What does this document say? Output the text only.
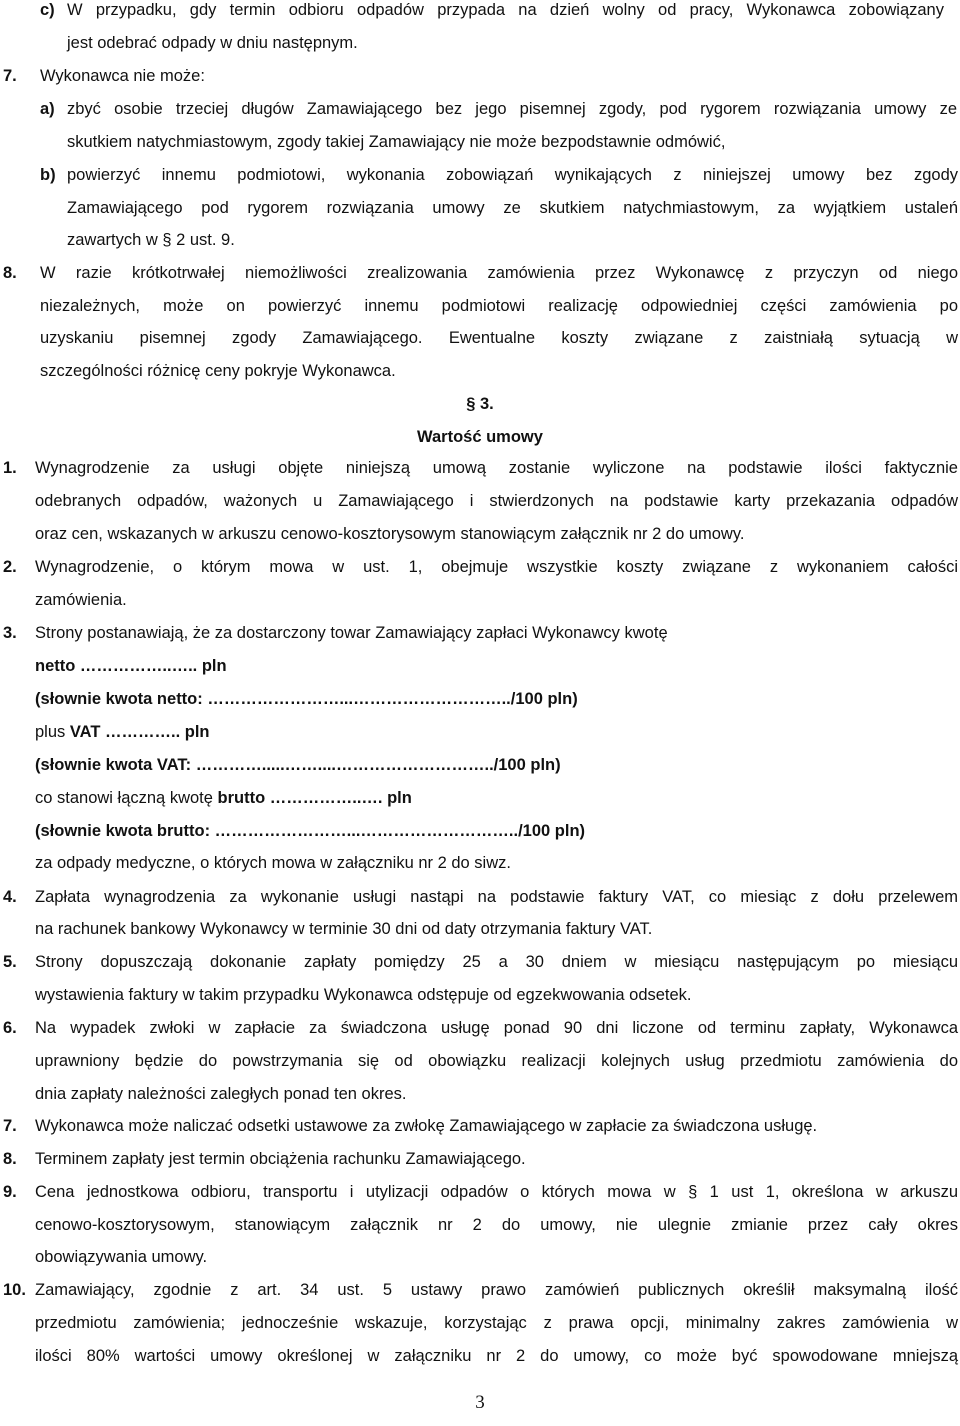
c) W przypadku, gdy termin odbioru odpadów przypada na dzień wolny od pracy, Wykonawca zobowiązany
jest odebrać odpady w dniu następnym.
7. Wykonawca nie może:
a) zbyć osobie trzeciej długów Zamawiającego bez jego pisemnej zgody, pod rygorem rozwiązania umowy ze
skutkiem natychmiastowym, zgody takiej Zamawiający nie może bezpodstawnie odmówić,
b) powierzyć innemu podmiotowi, wykonania zobowiązań wynikających z niniejszej umowy bez zgody
Zamawiającego pod rygorem rozwiązania umowy ze skutkiem natychmiastowym, za wyjątkiem ustaleń
zawartych w § 2 ust. 9.
8. W razie krótkotrwałej niemożliwości zrealizowania zamówienia przez Wykonawcę z przyczyn od niego
niezależnych, może on powierzyć innemu podmiotowi realizację odpowiedniej części zamówienia po
uzyskaniu pisemnej zgody Zamawiającego. Ewentualne koszty związane z zaistniałą sytuacją w
szczególności różnicę ceny pokryje Wykonawca.
§ 3.
Wartość umowy
1. Wynagrodzenie za usługi objęte niniejszą umową zostanie wyliczone na podstawie ilości faktycznie
odebranych odpadów, ważonych u Zamawiającego i stwierdzonych na podstawie karty przekazania odpadów
oraz cen, wskazanych w arkuszu cenowo-kosztorysowym stanowiącym załącznik nr 2 do umowy.
2. Wynagrodzenie, o którym mowa w ust. 1, obejmuje wszystkie koszty związane z wykonaniem całości
zamówienia.
3. Strony postanawiają, że za dostarczony towar Zamawiający zapłaci Wykonawcy kwotę
netto ……………..….. pln
(słownie kwota netto: ……………………...………………………../100 pln)
plus VAT ………….. pln
(słownie kwota VAT: ………….....……....………………………../100 pln)
co stanowi łączną kwotę brutto ……………..…. pln
(słownie kwota brutto: ……………………...………………………../100 pln)
za odpady medyczne, o których mowa w załączniku nr 2 do siwz.
4. Zapłata wynagrodzenia za wykonanie usługi nastąpi na podstawie faktury VAT, co miesiąc z dołu przelewem
na rachunek bankowy Wykonawcy w terminie 30 dni od daty otrzymania faktury VAT.
5. Strony dopuszczają dokonanie zapłaty pomiędzy 25 a 30 dniem w miesiącu następującym po miesiącu
wystawienia faktury w takim przypadku Wykonawca odstępuje od egzekwowania odsetek.
6. Na wypadek zwłoki w zapłacie za świadczona usługę ponad 90 dni liczone od terminu zapłaty, Wykonawca
uprawniony będzie do powstrzymania się od obowiązku realizacji kolejnych usług przedmiotu zamówienia do
dnia zapłaty należności zaległych ponad ten okres.
7. Wykonawca może naliczać odsetki ustawowe za zwłokę Zamawiającego w zapłacie za świadczona usługę.
8. Terminem zapłaty jest termin obciążenia rachunku Zamawiającego.
9. Cena jednostkowa odbioru, transportu i utylizacji odpadów o których mowa w § 1 ust 1, określona w arkuszu
cenowo-kosztorysowym, stanowiącym załącznik nr 2 do umowy, nie ulegnie zmianie przez cały okres
obowiązywania umowy.
10. Zamawiający, zgodnie z art. 34 ust. 5 ustawy prawo zamówień publicznych określił maksymalną ilość
przedmiotu zamówienia; jednocześnie wskazuje, korzystając z prawa opcji, minimalny zakres zamówienia w
ilości 80% wartości umowy określonej w załączniku nr 2 do umowy, co może być spowodowane mniejszą
3
